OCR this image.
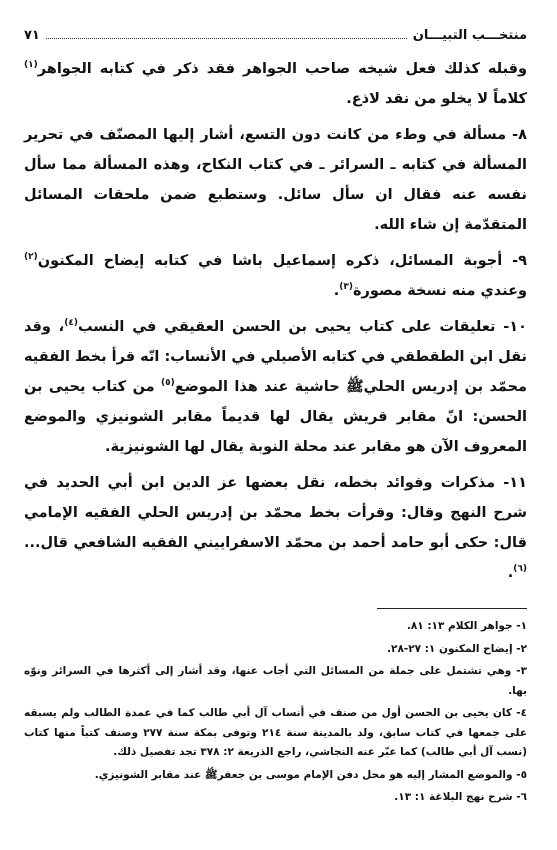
منتخـــب التبيـــان
٧١

وقبله كذلك فعل شيخه صاحب الجواهر فقد ذكر في كتابه الجواهر$^{(١)}$ كلاماً لا يخلو من نقد لاذع.

٨- مسألة في وطء من كانت دون التسع، أشار إليها المصنّف في تحرير المسألة في كتابه ـ السرائر ـ في كتاب النكاح، وهذه المسألة مما سأل نفسه عنه فقال ان سأل سائل. وستطبع ضمن ملحقات المسائل المتقدّمة إن شاء الله.

٩- أجوبة المسائل، ذكره إسماعيل باشا في كتابه إيضاح المكنون$^{(٢)}$ وعندي منه نسخة مصورة$^{(٣)}$.

١٠- تعليقات على كتاب يحيى بن الحسن العقيقي في النسب$^{(٤)}$، وقد نقل ابن الطقطقي في كتابه الأصيلي في الأنساب: انّه قرأ بخط الفقيه محمّد بن إدريس الحليﷺ حاشية عند هذا الموضع$^{(٥)}$ من كتاب يحيى بن الحسن: انّ مقابر قريش يقال لها قديماً مقابر الشونيزي والموضع المعروف الآن هو مقابر عند محلة النوبة يقال لها الشونيزية.

١١- مذكرات وفوائد بخطه، نقل بعضها عز الدين ابن أبي الحديد في شرح النهج وقال: وقرأت بخط محمّد بن إدريس الحلي الفقيه الإمامي قال: حكى أبو حامد أحمد بن محمّد الاسفراييني الفقيه الشافعي قال...$^{(٦)}$.

١- جواهر الكلام ١٣: ٨١.

٢- إيضاح المكنون ١: ٢٧-٢٨.

٣- وهي تشتمل على جملة من المسائل التي أجاب عنها، وقد أشار إلى أكثرها في السرائر ونوّه بها.

٤- كان يحيى بن الحسن أول من صنف في أنساب آل أبي طالب كما في عمدة الطالب ولم يسبقه على جمعها في كتاب سابق، ولد بالمدينة سنة ٢١٤ وتوفى بمكة سنة ٢٧٧ وصنف كتباً منها كتاب (نسب آل أبي طالب) كما عبّر عنه النجاشي، راجع الذريعة ٢: ٣٧٨ تجد تفصيل ذلك.

٥- والموضع المشار إليه هو محل دفن الإمام موسى بن جعفرﷺ عند مقابر الشونيزي.

٦- شرح نهج البلاغة ١: ١٣.
